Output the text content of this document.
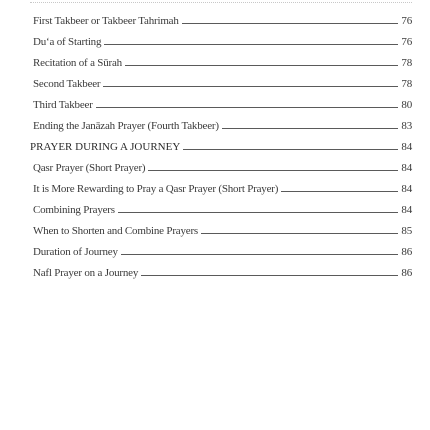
First Takbeer or Takbeer Tahrimah	76
Du‘a of Starting	76
Recitation of a Sūrah	78
Second Takbeer	78
Third Takbeer	80
Ending the Janāzah Prayer (Fourth Takbeer)	83
PRAYER DURING A JOURNEY	84
Qasr Prayer (Short Prayer)	84
It is More Rewarding to Pray a Qasr Prayer (Short Prayer)	84
Combining Prayers	84
When to Shorten and Combine Prayers	85
Duration of Journey	86
Nafl Prayer on a Journey	86
